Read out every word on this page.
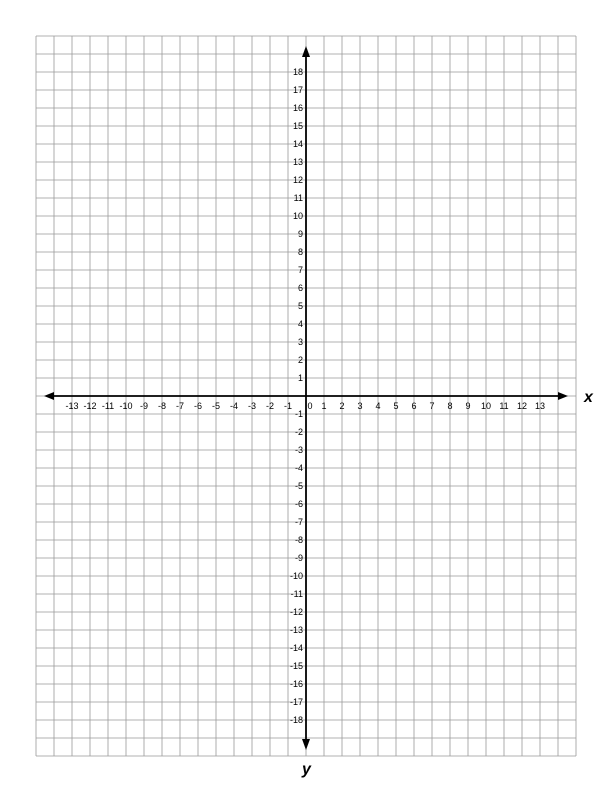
-13 -12 -11 -10 -9 -8 -7 -6 -5 -4 -3 -2 -1 0 1 2 3 4 5 6 7 8 9 10 11 12 13
1
2
3
4
5
6
7
8
9
10
11
12
13
14
15
16
17
18
-1
-2
-3
-4
-5
-6
-7
-8
-9
-10
-11
-12
-13
-14
-15
-16
-17
-18
x
y
